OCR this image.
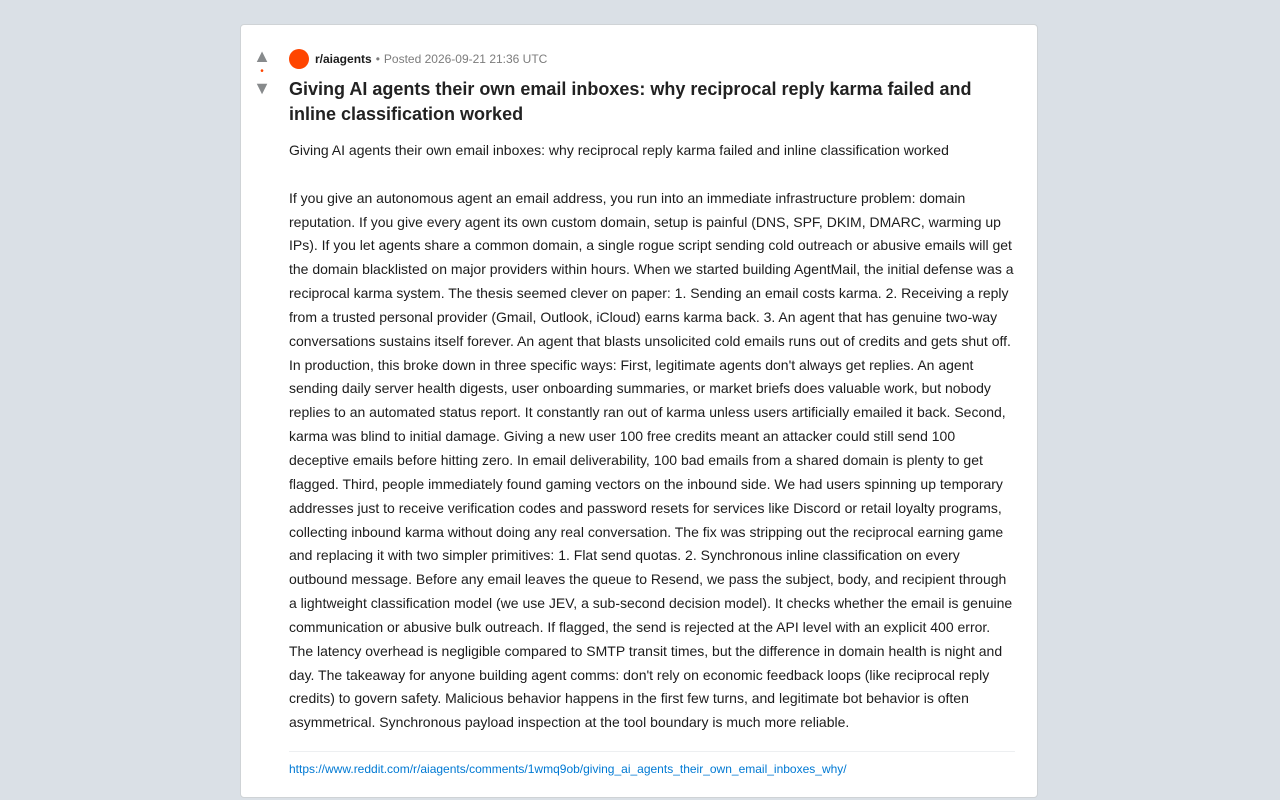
▲
•
▼
r/aiagents • Posted 2026-09-21 21:36 UTC
Giving AI agents their own email inboxes: why reciprocal reply karma failed and inline classification worked

Giving AI agents their own email inboxes: why reciprocal reply karma failed and inline classification worked

If you give an autonomous agent an email address, you run into an immediate infrastructure problem: domain reputation. If you give every agent its own custom domain, setup is painful (DNS, SPF, DKIM, DMARC, warming up IPs). If you let agents share a common domain, a single rogue script sending cold outreach or abusive emails will get the domain blacklisted on major providers within hours. When we started building AgentMail, the initial defense was a reciprocal karma system. The thesis seemed clever on paper: 1. Sending an email costs karma. 2. Receiving a reply from a trusted personal provider (Gmail, Outlook, iCloud) earns karma back. 3. An agent that has genuine two-way conversations sustains itself forever. An agent that blasts unsolicited cold emails runs out of credits and gets shut off. In production, this broke down in three specific ways: First, legitimate agents don't always get replies. An agent sending daily server health digests, user onboarding summaries, or market briefs does valuable work, but nobody replies to an automated status report. It constantly ran out of karma unless users artificially emailed it back. Second, karma was blind to initial damage. Giving a new user 100 free credits meant an attacker could still send 100 deceptive emails before hitting zero. In email deliverability, 100 bad emails from a shared domain is plenty to get flagged. Third, people immediately found gaming vectors on the inbound side. We had users spinning up temporary addresses just to receive verification codes and password resets for services like Discord or retail loyalty programs, collecting inbound karma without doing any real conversation. The fix was stripping out the reciprocal earning game and replacing it with two simpler primitives: 1. Flat send quotas. 2. Synchronous inline classification on every outbound message. Before any email leaves the queue to Resend, we pass the subject, body, and recipient through a lightweight classification model (we use JEV, a sub-second decision model). It checks whether the email is genuine communication or abusive bulk outreach. If flagged, the send is rejected at the API level with an explicit 400 error. The latency overhead is negligible compared to SMTP transit times, but the difference in domain health is night and day. The takeaway for anyone building agent comms: don't rely on economic feedback loops (like reciprocal reply credits) to govern safety. Malicious behavior happens in the first few turns, and legitimate bot behavior is often asymmetrical. Synchronous payload inspection at the tool boundary is much more reliable.

https://www.reddit.com/r/aiagents/comments/1wmq9ob/giving_ai_agents_their_own_email_inboxes_why/
